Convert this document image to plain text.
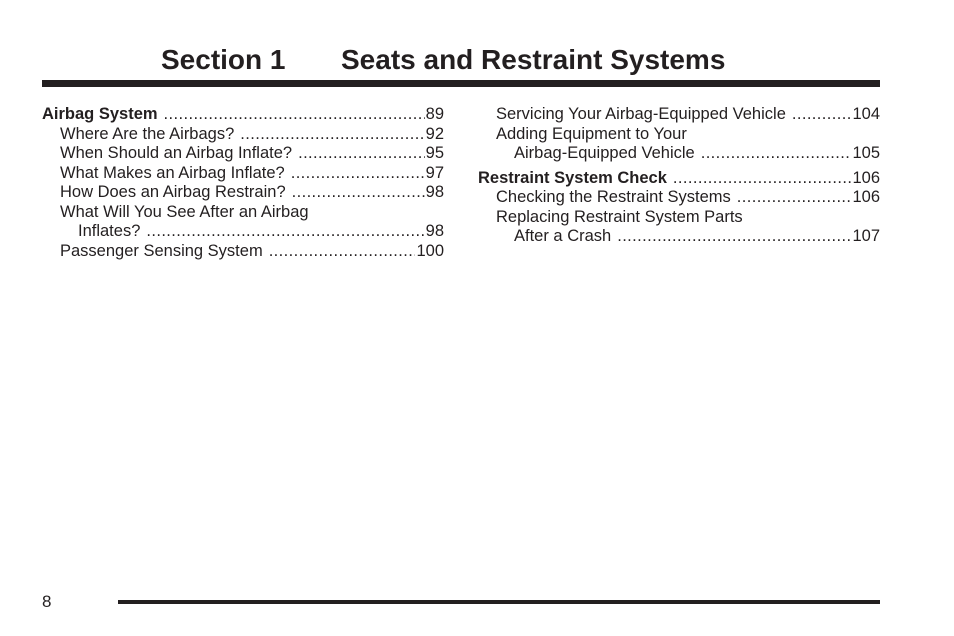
Section 1 Seats and Restraint Systems
Airbag System .....	89
Where Are the Airbags? .....	92
When Should an Airbag Inflate? .....	95
What Makes an Airbag Inflate? .....	97
How Does an Airbag Restrain? .....	98
What Will You See After an Airbag
Inflates? .....	98
Passenger Sensing System .....	100
Servicing Your Airbag-Equipped Vehicle .....	104
Adding Equipment to Your
Airbag-Equipped Vehicle .....	105
Restraint System Check .....	106
Checking the Restraint Systems .....	106
Replacing Restraint System Parts
After a Crash .....	107
8
